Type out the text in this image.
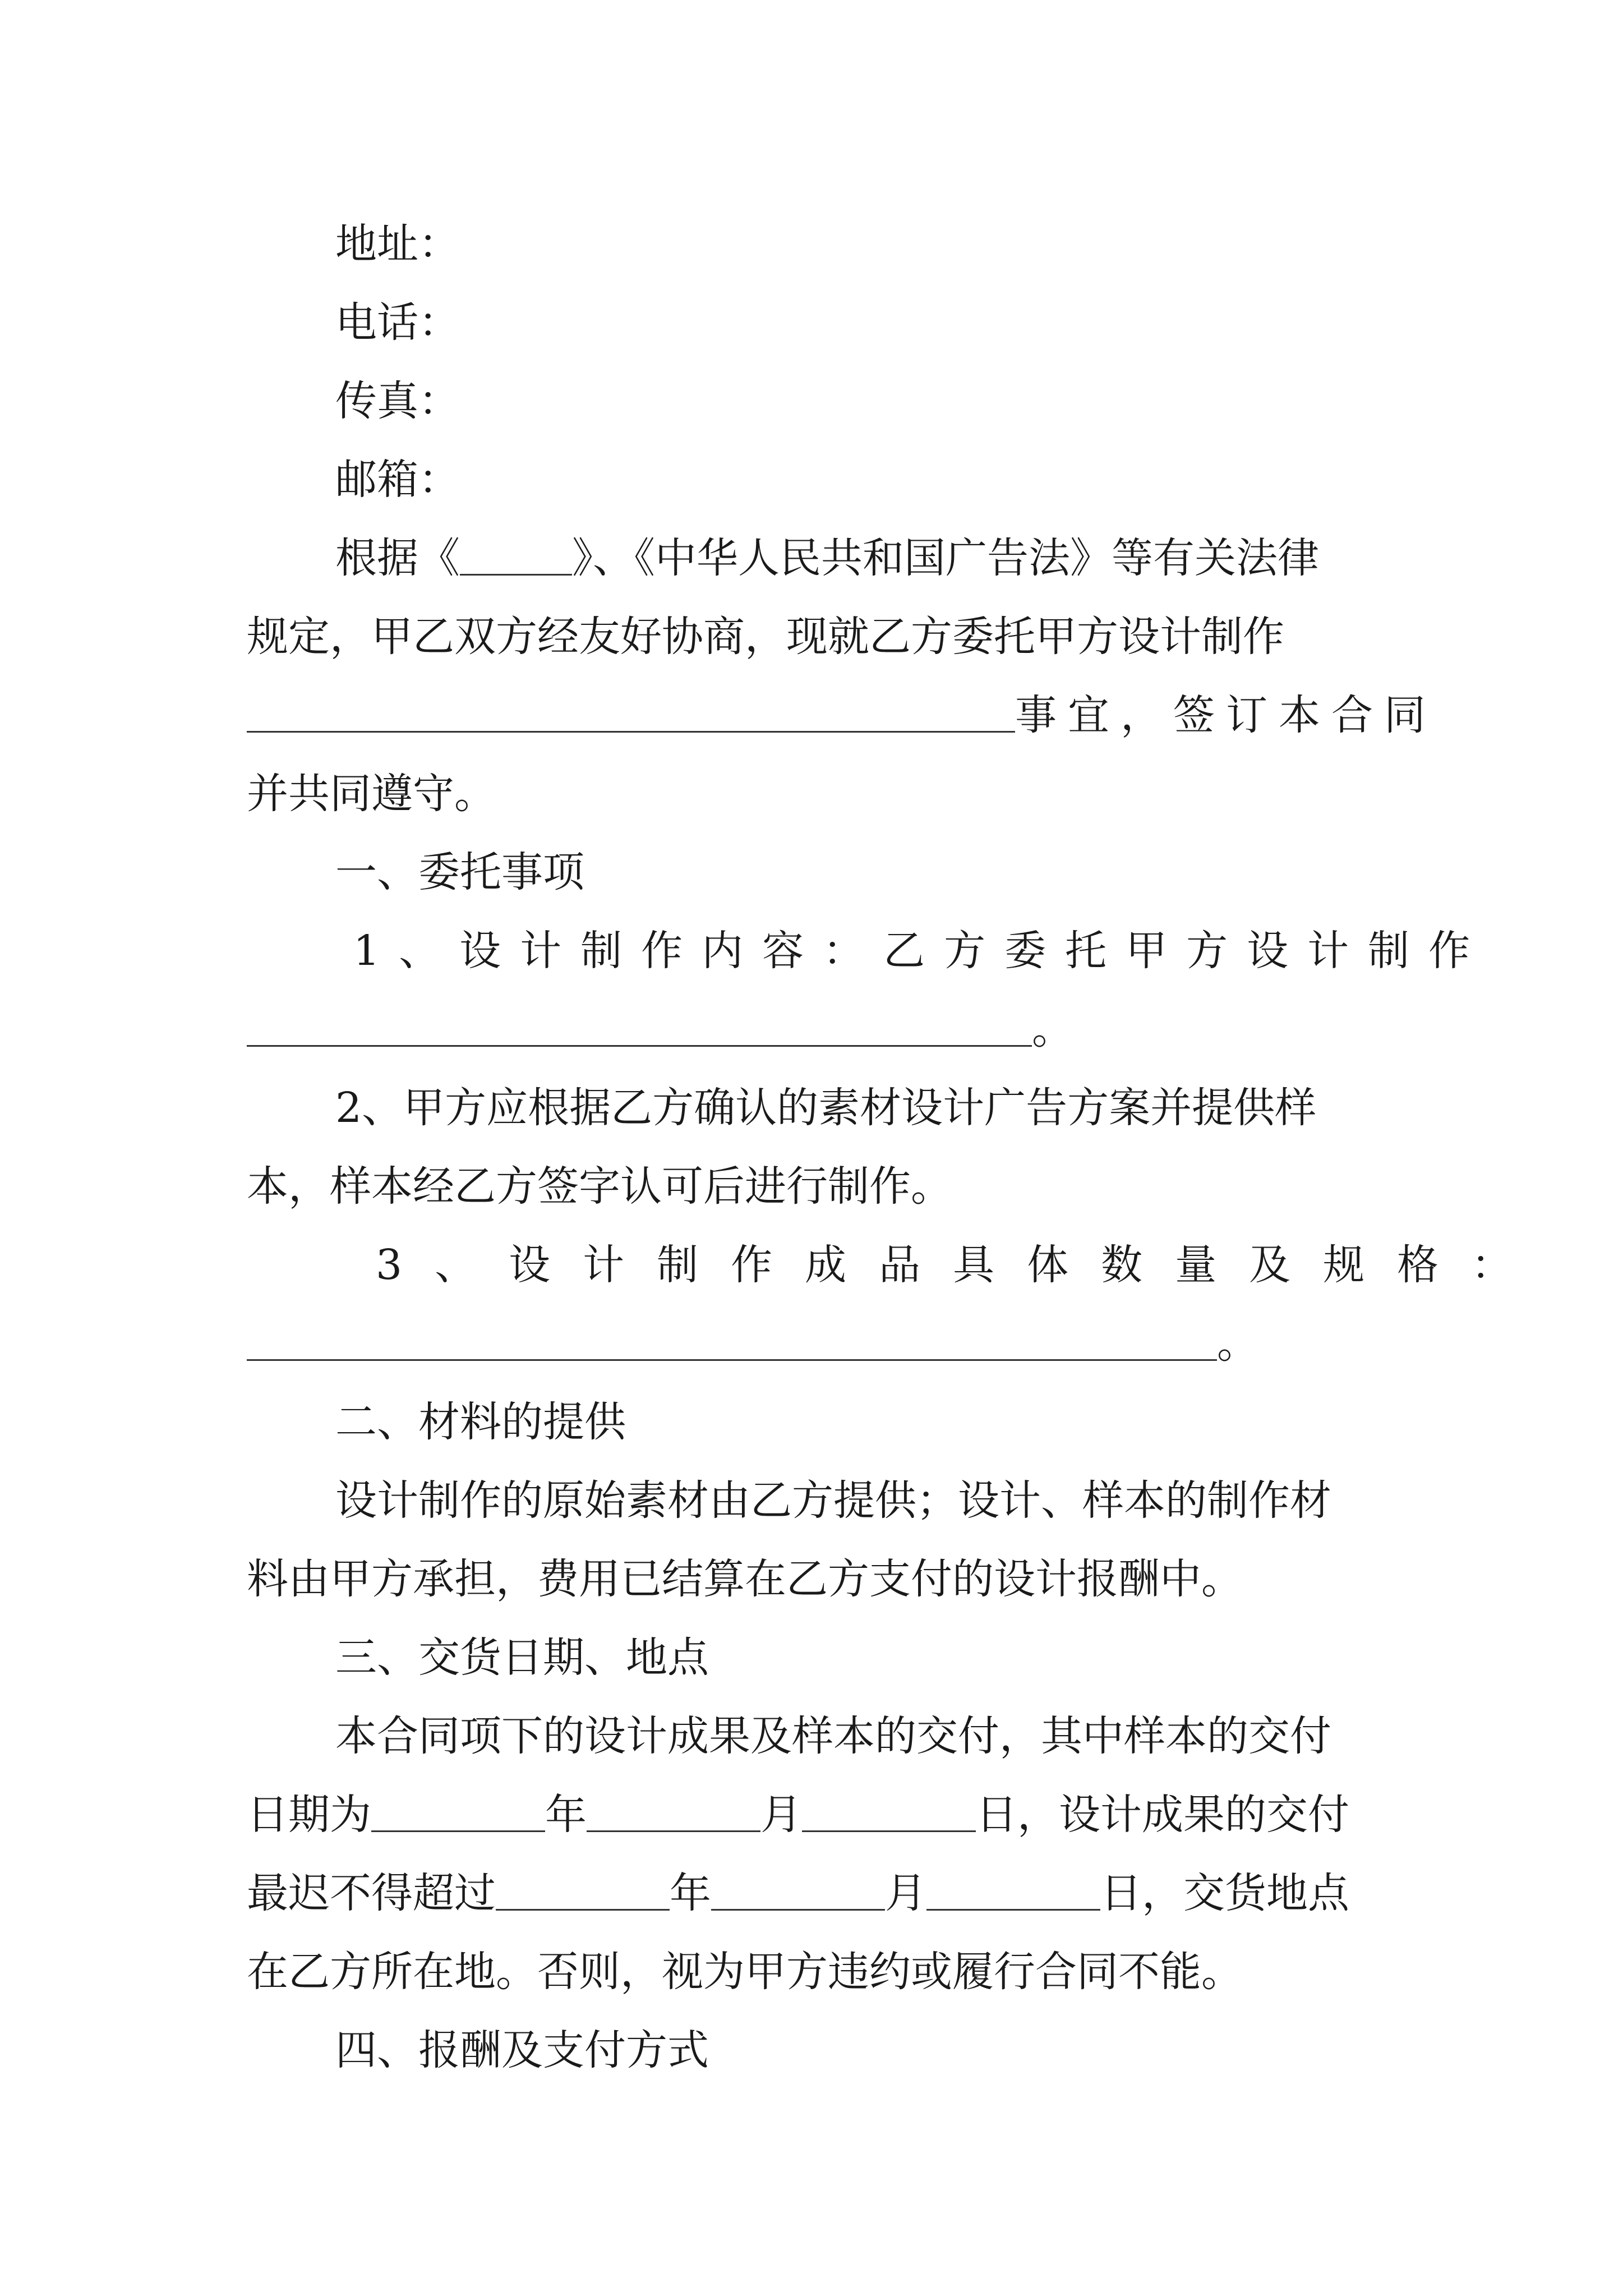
地址：
电话：
传真：
邮箱：
根据《	》、《中华人民共和国广告法》等有关法律
规定，甲乙双方经友好协商，现就乙方委托甲方设计制作
事宜，签订本合同
并共同遵守。
一、委托事项
1、设计制作内容：乙方委托甲方设计制作
。
2、甲方应根据乙方确认的素材设计广告方案并提供样
本，样本经乙方签字认可后进行制作。
3、设计制作成品具体数量及规格：
。
二、材料的提供
设计制作的原始素材由乙方提供；设计、样本的制作材
料由甲方承担，费用已结算在乙方支付的设计报酬中。
三、交货日期、地点
本合同项下的设计成果及样本的交付，其中样本的交付
日期为	年	月	日，设计成果的交付
最迟不得超过	年	月	日，交货地点
在乙方所在地。否则，视为甲方违约或履行合同不能。
四、报酬及支付方式
